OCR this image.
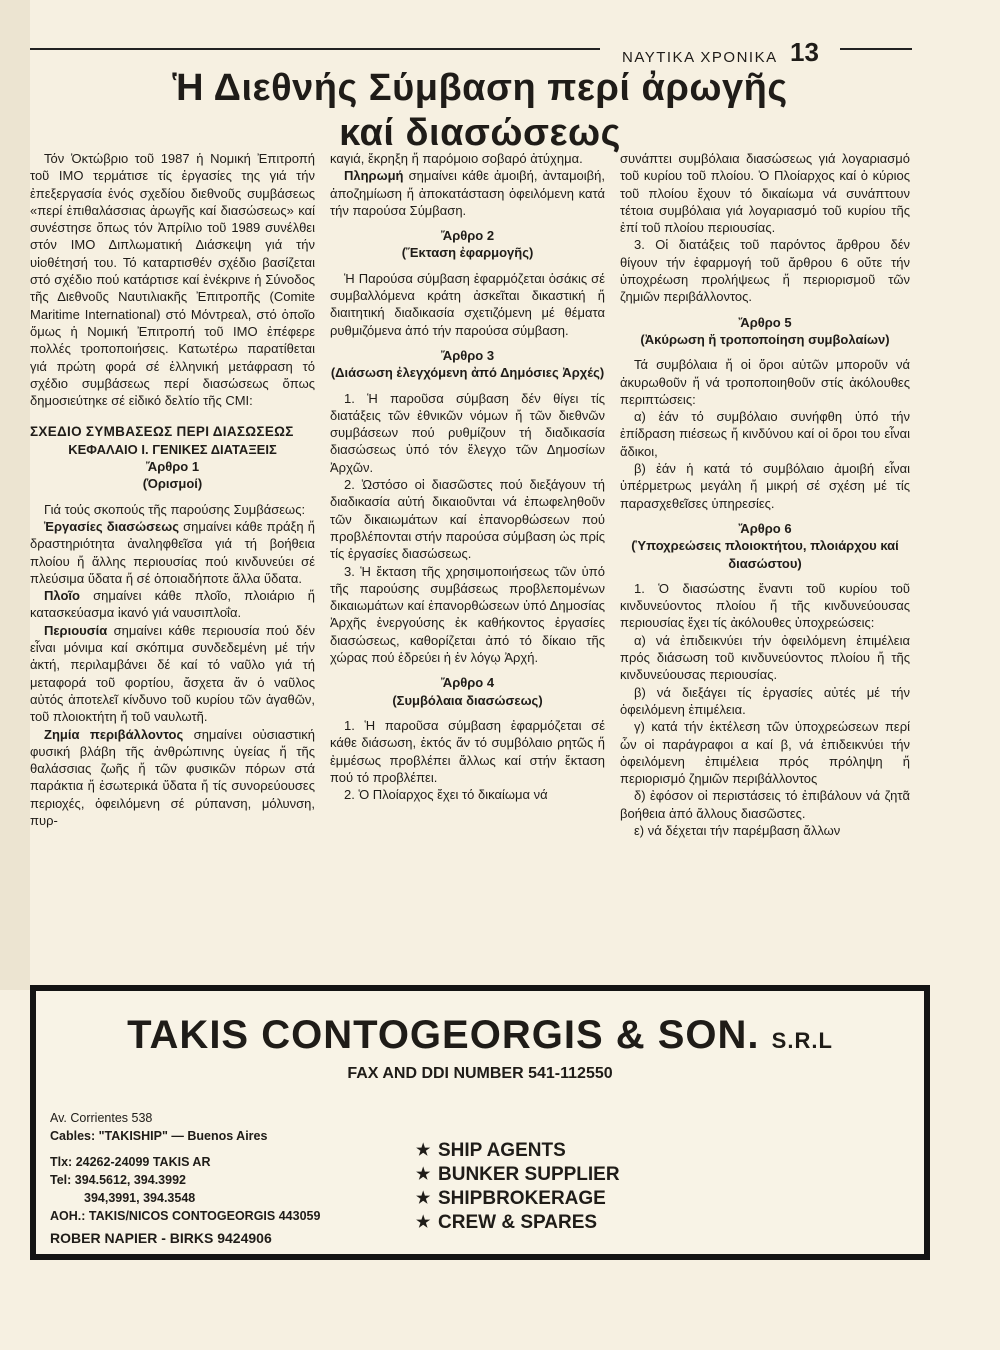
ΝΑΥΤΙΚΑ ΧΡΟΝΙΚΑ 13
Ἡ Διεθνής Σύμβαση περί ἀρωγῆς
καί διασώσεως

Τόν Ὀκτώβριο τοῦ 1987 ἡ Νομική Ἐπιτροπή τοῦ ΙΜΟ τερμάτισε τίς ἐργασίες της γιά τήν ἐπεξεργασία ἑνός σχεδίου διεθνοῦς συμβάσεως «περί ἐπιθαλάσσιας ἀρωγῆς καί διασώσεως» καί συνέστησε ὅπως τόν Ἀπρίλιο τοῦ 1989 συνέλθει στόν ΙΜΟ Διπλωματική Διάσκεψη γιά τήν υἱοθέτησή του. Τό καταρτισθέν σχέδιο βασίζεται στό σχέδιο πού κατάρτισε καί ἐνέκρινε ἡ Σύνοδος τῆς Διεθνοῦς Ναυτιλιακῆς Ἐπιτροπῆς (Comite Maritime International) στό Μόντρεαλ, στό ὁποῖο ὅμως ἡ Νομική Ἐπιτροπή τοῦ ΙΜΟ ἐπέφερε πολλές τροποποιήσεις. Κατωτέρω παρατίθεται γιά πρώτη φορά σέ ἑλληνική μετάφραση τό σχέδιο συμβάσεως περί διασώσεως ὅπως δημοσιεύτηκε σέ εἰδικό δελτίο τῆς CMI:

ΣΧΕΔΙΟ ΣΥΜΒΑΣΕΩΣ ΠΕΡΙ ΔΙΑΣΩΣΕΩΣ
ΚΕΦΑΛΑΙΟ Ι. ΓΕΝΙΚΕΣ ΔΙΑΤΑΞΕΙΣ
Ἄρθρο 1
(Ὁρισμοί)

Γιά τούς σκοπούς τῆς παρούσης Συμβάσεως:

Ἐργασίες διασώσεως σημαίνει κάθε πράξη ἤ δραστηριότητα ἀναληφθεῖσα γιά τή βοήθεια πλοίου ἤ ἄλλης περιουσίας πού κινδυνεύει σέ πλεύσιμα ὕδατα ἤ σέ ὁποιαδήποτε ἄλλα ὕδατα.

Πλοῖο σημαίνει κάθε πλοῖο, πλοιάριο ἤ κατασκεύασμα ἱκανό γιά ναυσιπλοΐα.

Περιουσία σημαίνει κάθε περιουσία πού δέν εἶναι μόνιμα καί σκόπιμα συνδεδεμένη μέ τήν ἀκτή, περιλαμβάνει δέ καί τό ναῦλο γιά τή μεταφορά τοῦ φορτίου, ἄσχετα ἄν ὁ ναῦλος αὐτός ἀποτελεῖ κίνδυνο τοῦ κυρίου τῶν ἀγαθῶν, τοῦ πλοιοκτήτη ἤ τοῦ ναυλωτῆ.

Ζημία περιβάλλοντος σημαίνει οὐσιαστική φυσική βλάβη τῆς ἀνθρώπινης ὑγείας ἤ τῆς θαλάσσιας ζωῆς ἤ τῶν φυσικῶν πόρων στά παράκτια ἤ ἐσωτερικά ὕδατα ἤ τίς συνορεύουσες περιοχές, ὀφειλόμενη σέ ρύπανση, μόλυνση, πυρ-

καγιά, ἔκρηξη ἤ παρόμοιο σοβαρό ἀτύχημα.

Πληρωμή σημαίνει κάθε ἀμοιβή, ἀνταμοιβή, ἀποζημίωση ἤ ἀποκατάσταση ὀφειλόμενη κατά τήν παρούσα Σύμβαση.

Ἄρθρο 2
(Ἔκταση ἐφαρμογῆς)

Ἡ Παρούσα σύμβαση ἐφαρμόζεται ὁσάκις σέ συμβαλλόμενα κράτη ἀσκεῖται δικαστική ἤ διαιτητική διαδικασία σχετιζόμενη μέ θέματα ρυθμιζόμενα ἀπό τήν παρούσα σύμβαση.

Ἄρθρο 3
(Διάσωση ἐλεγχόμενη ἀπό Δημόσιες Ἀρχές)

1. Ἡ παροῦσα σύμβαση δέν θίγει τίς διατάξεις τῶν ἐθνικῶν νόμων ἤ τῶν διεθνῶν συμβάσεων πού ρυθμίζουν τή διαδικασία διασώσεως ὑπό τόν ἔλεγχο τῶν Δημοσίων Ἀρχῶν.

2. Ὡστόσο οἱ διασῶστες πού διεξάγουν τή διαδικασία αὐτή δικαιοῦνται νά ἐπωφεληθοῦν τῶν δικαιωμάτων καί ἐπανορθώσεων πού προβλέπονται στήν παρούσα σύμβαση ὡς πρίς τίς ἐργασίες διασώσεως.

3. Ἡ ἔκταση τῆς χρησιμοποιήσεως τῶν ὑπό τῆς παρούσης συμβάσεως προβλεπομένων δικαιωμάτων καί ἐπανορθώσεων ὑπό Δημοσίας Ἀρχῆς ἐνεργούσης ἐκ καθήκοντος ἐργασίες διασώσεως, καθορίζεται ἀπό τό δίκαιο τῆς χώρας πού ἑδρεύει ἡ ἐν λόγῳ Ἀρχή.

Ἄρθρο 4
(Συμβόλαια διασώσεως)

1. Ἡ παροῦσα σύμβαση ἐφαρμόζεται σέ κάθε διάσωση, ἐκτός ἄν τό συμβόλαιο ρητῶς ἤ ἐμμέσως προβλέπει ἄλλως καί στήν ἔκταση πού τό προβλέπει.

2. Ὁ Πλοίαρχος ἔχει τό δικαίωμα νά

συνάπτει συμβόλαια διασώσεως γιά λογαριασμό τοῦ κυρίου τοῦ πλοίου. Ὁ Πλοίαρχος καί ὁ κύριος τοῦ πλοίου ἔχουν τό δικαίωμα νά συνάπτουν τέτοια συμβόλαια γιά λογαριασμό τοῦ κυρίου τῆς ἐπί τοῦ πλοίου περιουσίας.

3. Οἱ διατάξεις τοῦ παρόντος ἄρθρου δέν θίγουν τήν ἐφαρμογή τοῦ ἄρθρου 6 οὔτε τήν ὑποχρέωση προλήψεως ἤ περιορισμοῦ τῶν ζημιῶν περιβάλλοντος.

Ἄρθρο 5
(Ἀκύρωση ἤ τροποποίηση συμβολαίων)

Τά συμβόλαια ἤ οἱ ὅροι αὐτῶν μποροῦν νά ἀκυρωθοῦν ἤ νά τροποποιηθοῦν στίς ἀκόλουθες περιπτώσεις:

α) ἐάν τό συμβόλαιο συνήφθη ὑπό τήν ἐπίδραση πιέσεως ἤ κινδύνου καί οἱ ὅροι του εἶναι ἄδικοι,

β) ἐάν ἡ κατά τό συμβόλαιο ἀμοιβή εἶναι ὑπέρμετρως μεγάλη ἤ μικρή σέ σχέση μέ τίς παρασχεθεῖσες ὑπηρεσίες.

Ἄρθρο 6
(Ὑποχρεώσεις πλοιοκτήτου, πλοιάρχου καί διασώστου)

1. Ὁ διασώστης ἔναντι τοῦ κυρίου τοῦ κινδυνεύοντος πλοίου ἤ τῆς κινδυνεύουσας περιουσίας ἔχει τίς ἀκόλουθες ὑποχρεώσεις:

α) νά ἐπιδεικνύει τήν ὀφειλόμενη ἐπιμέλεια πρός διάσωση τοῦ κινδυνεύοντος πλοίου ἤ τῆς κινδυνεύουσας περιουσίας.

β) νά διεξάγει τίς ἐργασίες αὐτές μέ τήν ὀφειλόμενη ἐπιμέλεια.

γ) κατά τήν ἐκτέλεση τῶν ὑποχρεώσεων περί ὧν οἱ παράγραφοι α καί β, νά ἐπιδεικνύει τήν ὀφειλόμενη ἐπιμέλεια πρός πρόληψη ἤ περιορισμό ζημιῶν περιβάλλοντος

δ) ἐφόσον οἱ περιστάσεις τό ἐπιβάλουν νά ζητᾶ βοήθεια ἀπό ἄλλους διασῶστες.

ε) νά δέχεται τήν παρέμβαση ἄλλων

TAKIS CONTOGEORGIS & SON. S.R.L
FAX AND DDI NUMBER 541-112550

Av. Corrientes 538

Cables: "TAKISHIP" — Buenos Aires

Tlx: 24262-24099 TAKIS AR

Tel: 394.5612, 394.3992

394,3991, 394.3548

AOH.: TAKIS/NICOS CONTOGEORGIS 443059

ROBER NAPIER - BIRKS 9424906

★ SHIP AGENTS
★ BUNKER SUPPLIER
★ SHIPBROKERAGE
★ CREW & SPARES
